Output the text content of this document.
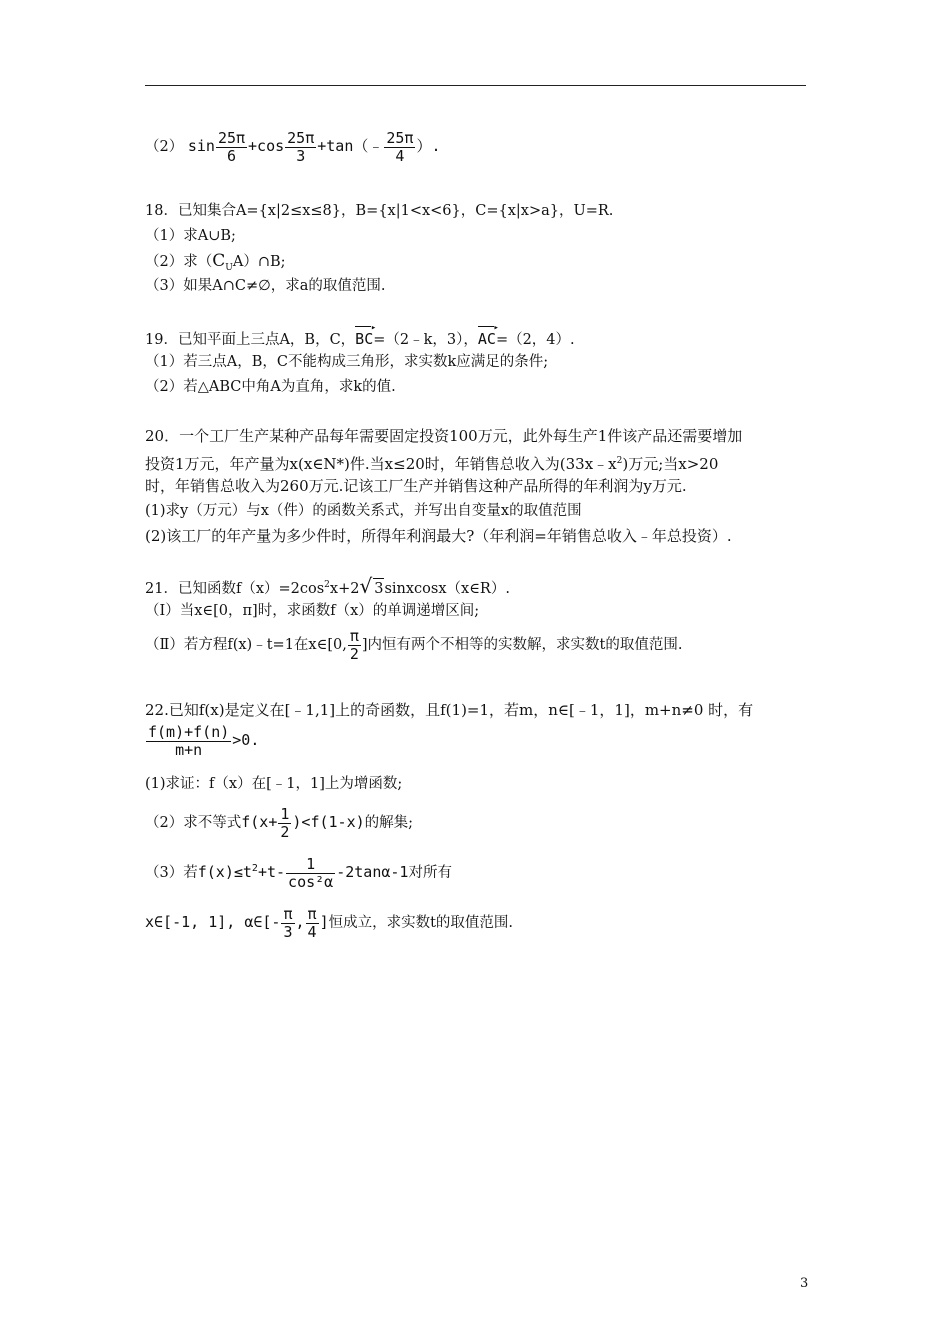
（2） $\sin \frac{25\pi}{6} +\cos \frac{25\pi}{3}$ +tan（﹣ $\frac{25\pi}{4}$ ）.
18．已知集合A={x|2≤x≤8}，B={x|1<x<6}，C={x|x>a}，U=R.
（1）求A∪B;
（2）求$(C_UA)\cap B$;
（3）如果A∩C≠∅，求a的取值范围.
19．已知平面上三点A，B，C，BC ▸=（2﹣k，3），AC ▸=（2，4）.
（1）若三点A，B，C不能构成三角形，求实数k应满足的条件;
（2）若△ABC中角A为直角，求k的值.
20．一个工厂生产某种产品每年需要固定投资100万元，此外每生产1件该产品还需要增加
投资1万元，年产量为x(x∈N*)件.当x≤20时，年销售总收入为$(33x﹣x^2)$万元;当x>20
时，年销售总收入为260万元.记该工厂生产并销售这种产品所得的年利润为y万元.
(1)求y（万元）与x（件）的函数关系式，并写出自变量x的取值范围
(2)该工厂的年产量为多少件时，所得年利润最大?（年利润=年销售总收入﹣年总投资）.
21．已知函数$f(x)=2\cos^2x+2√$ 3sinxcosx（x∈R）.
（Ⅰ）当x∈[0，π]时，求函数f（x）的单调递增区间;
（Ⅱ）若方程f(x)﹣t=1在x∈[0, $\frac{\pi}{2}$ ]内恒有两个不相等的实数解，求实数t的取值范围.
22.已知f(x)是定义在[﹣1,1]上的奇函数，且f(1)=1，若m，n∈[﹣1，1]，m+n≠0 时，有
$\frac{f(m)+f(n)}{m+n} >0$.
(1)求证：f（x）在[﹣1，1]上为增函数;
（2）求不等式$f(x+ \frac{1}{2} )<f(1-x)$的解集;
（3）若$f(x)\le t^2+t- \frac{1}{\text{cos²α}} -2\tan\alpha-1$对所有
x∈[-1, 1], α∈[- $\frac{\pi}{3}$ , $\frac{\pi}{4}$ ]恒成立，求实数t的取值范围.
3
